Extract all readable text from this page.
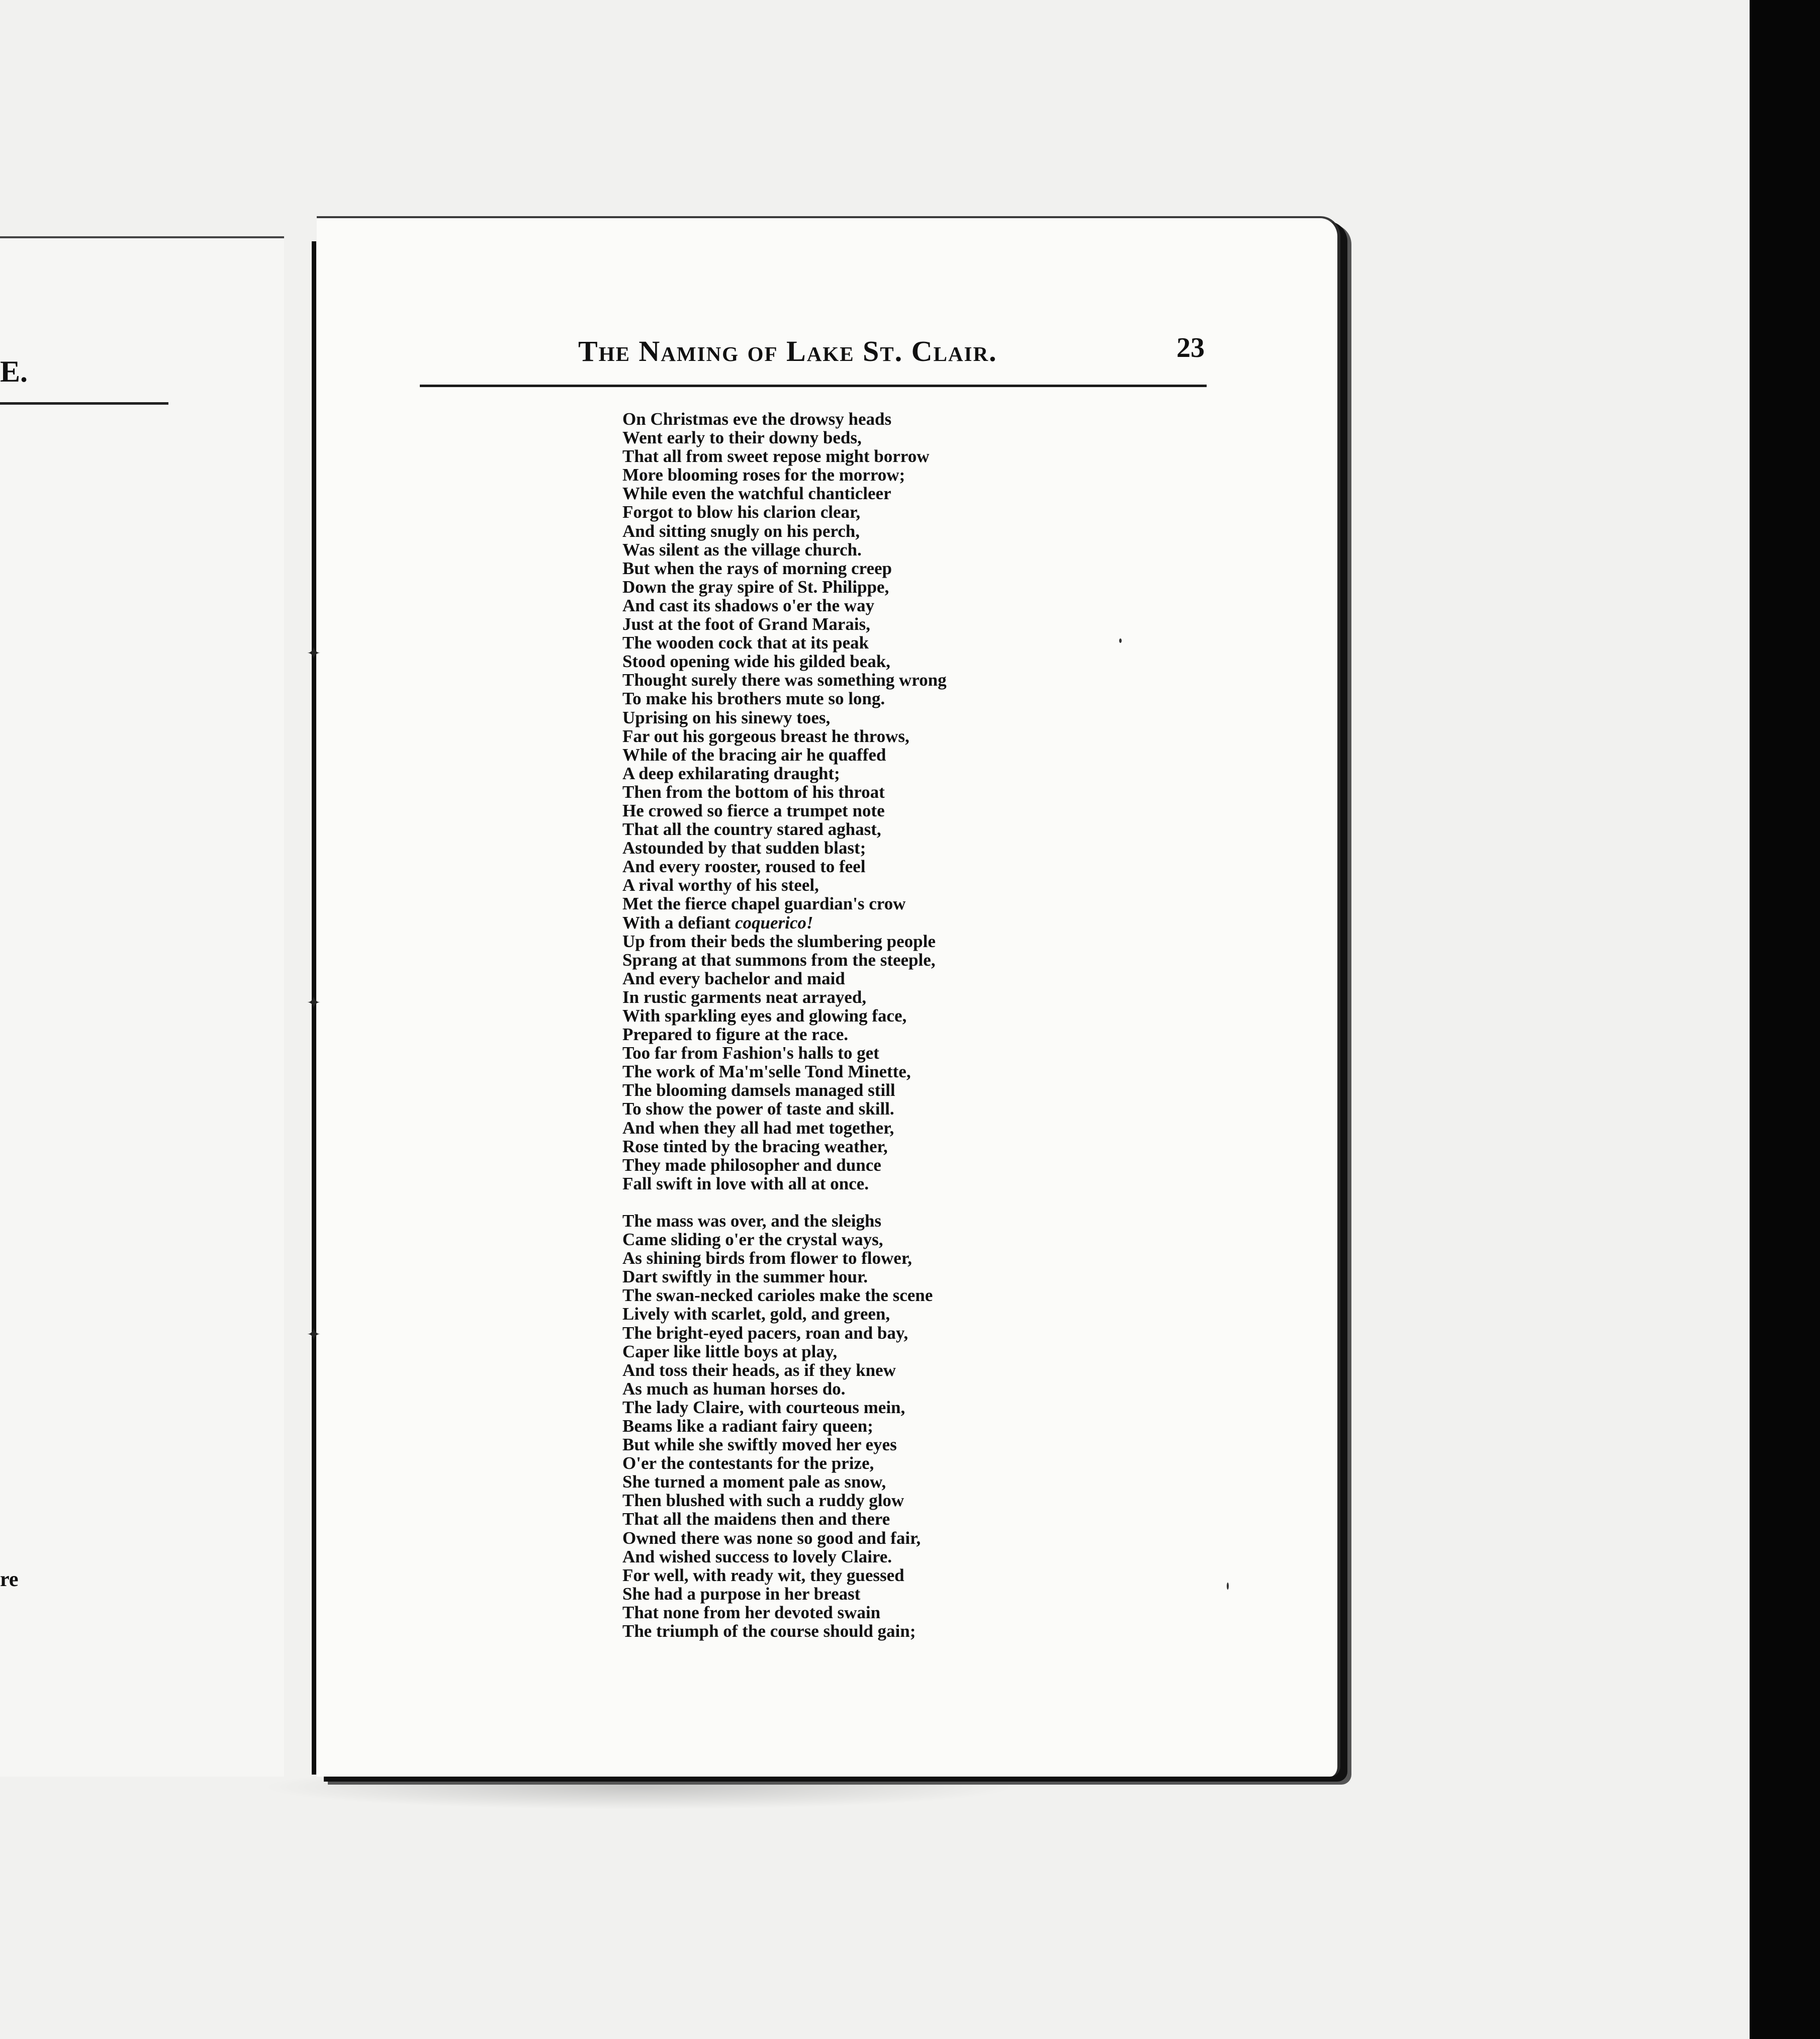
E.
re
✦
✦
✦
The Naming of Lake St. Clair.	23
On Christmas eve the drowsy heads
Went early to their downy beds,
That all from sweet repose might borrow
More blooming roses for the morrow;
While even the watchful chanticleer
Forgot to blow his clarion clear,
And sitting snugly on his perch,
Was silent as the village church.
But when the rays of morning creep
Down the gray spire of St. Philippe,
And cast its shadows o'er the way
Just at the foot of Grand Marais,
The wooden cock that at its peak
Stood opening wide his gilded beak,
Thought surely there was something wrong
To make his brothers mute so long.
Uprising on his sinewy toes,
Far out his gorgeous breast he throws,
While of the bracing air he quaffed
A deep exhilarating draught;
Then from the bottom of his throat
He crowed so fierce a trumpet note
That all the country stared aghast,
Astounded by that sudden blast;
And every rooster, roused to feel
A rival worthy of his steel,
Met the fierce chapel guardian's crow
With a defiant coquerico!
Up from their beds the slumbering people
Sprang at that summons from the steeple,
And every bachelor and maid
In rustic garments neat arrayed,
With sparkling eyes and glowing face,
Prepared to figure at the race.
Too far from Fashion's halls to get
The work of Ma'm'selle Tond Minette,
The blooming damsels managed still
To show the power of taste and skill.
And when they all had met together,
Rose tinted by the bracing weather,
They made philosopher and dunce
Fall swift in love with all at once.
The mass was over, and the sleighs
Came sliding o'er the crystal ways,
As shining birds from flower to flower,
Dart swiftly in the summer hour.
The swan-necked carioles make the scene
Lively with scarlet, gold, and green,
The bright-eyed pacers, roan and bay,
Caper like little boys at play,
And toss their heads, as if they knew
As much as human horses do.
The lady Claire, with courteous mein,
Beams like a radiant fairy queen;
But while she swiftly moved her eyes
O'er the contestants for the prize,
She turned a moment pale as snow,
Then blushed with such a ruddy glow
That all the maidens then and there
Owned there was none so good and fair,
And wished success to lovely Claire.
For well, with ready wit, they guessed
She had a purpose in her breast
That none from her devoted swain
The triumph of the course should gain;
